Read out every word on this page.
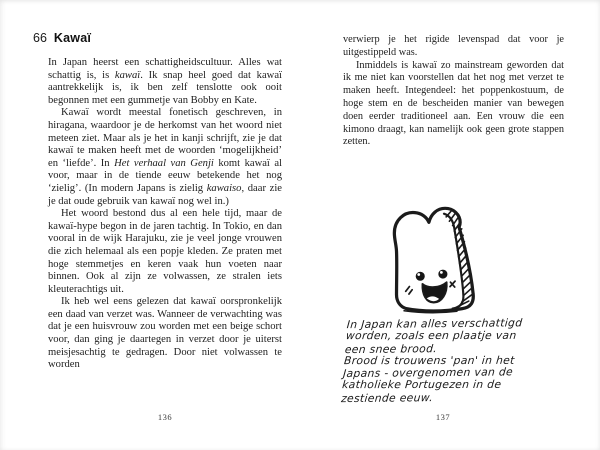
66 Kawaï

In Japan heerst een schattigheidscultuur. Alles wat schattig is, is kawaï. Ik snap heel goed dat kawaï aantrekkelijk is, ik ben zelf tenslotte ook ooit begonnen met een gummetje van Bobby en Kate.

Kawaï wordt meestal fonetisch geschreven, in hiragana, waardoor je de herkomst van het woord niet meteen ziet. Maar als je het in kanji schrijft, zie je dat kawaï te maken heeft met de woorden ‘mogelijkheid’ en ‘liefde’. In Het verhaal van Genji komt kawaï al voor, maar in de tiende eeuw betekende het nog ‘zielig’. (In modern Japans is zielig kawaiso, daar zie je dat oude gebruik van kawaï nog wel in.)

Het woord bestond dus al een hele tijd, maar de kawaï-hype begon in de jaren tachtig. In Tokio, en dan vooral in de wijk Harajuku, zie je veel jonge vrouwen die zich helemaal als een popje kleden. Ze praten met hoge stemmetjes en keren vaak hun voeten naar binnen. Ook al zijn ze volwassen, ze stralen iets kleuterachtigs uit.

Ik heb wel eens gelezen dat kawaï oorspronkelijk een daad van verzet was. Wanneer de verwachting was dat je een huisvrouw zou worden met een beige schort voor, dan ging je daartegen in verzet door je uiterst meisjesachtig te gedragen. Door niet volwassen te worden

136

verwierp je het rigide levenspad dat voor je uitgestippeld was.

Inmiddels is kawaï zo mainstream geworden dat ik me niet kan voorstellen dat het nog met verzet te maken heeft. Integendeel: het poppenkostuum, de hoge stem en de bescheiden manier van bewegen doen eerder traditioneel aan. Een vrouw die een kimono draagt, kan namelijk ook geen grote stappen zetten.

In Japan kan alles verschattigd
worden, zoals een plaatje van
een snee brood.
Brood is trouwens 'pan' in het
Japans - overgenomen van de
katholieke Portugezen in de
zestiende eeuw.
137
